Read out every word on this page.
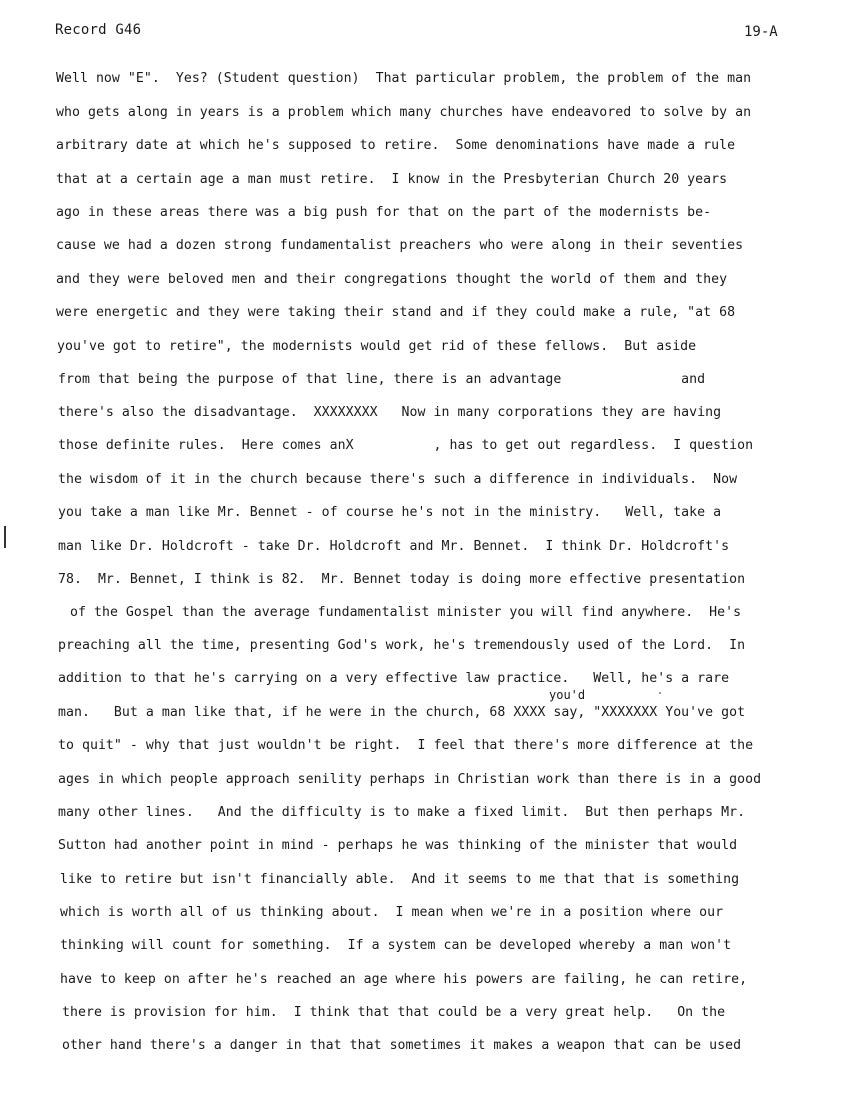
Record G46	19-A
Well now "E".  Yes? (Student question)  That particular problem, the problem of the man
who gets along in years is a problem which many churches have endeavored to solve by an
arbitrary date at which he's supposed to retire.  Some denominations have made a rule
that at a certain age a man must retire.  I know in the Presbyterian Church 20 years
ago in these areas there was a big push for that on the part of the modernists be-
cause we had a dozen strong fundamentalist preachers who were along in their seventies
and they were beloved men and their congregations thought the world of them and they
were energetic and they were taking their stand and if they could make a rule, "at 68
you've got to retire", the modernists would get rid of these fellows.  But aside
from that being the purpose of that line, there is an advantage               and
there's also the disadvantage.  XXXXXXXX   Now in many corporations they are having
those definite rules.  Here comes anX          , has to get out regardless.  I question
the wisdom of it in the church because there's such a difference in individuals.  Now
you take a man like Mr. Bennet - of course he's not in the ministry.   Well, take a
man like Dr. Holdcroft - take Dr. Holdcroft and Mr. Bennet.  I think Dr. Holdcroft's
78.  Mr. Bennet, I think is 82.  Mr. Bennet today is doing more effective presentation
of the Gospel than the average fundamentalist minister you will find anywhere.  He's
preaching all the time, presenting God's work, he's tremendously used of the Lord.  In
addition to that he's carrying on a very effective law practice.   Well, he's a rare
you'd
man.   But a man like that, if he were in the church, 68 XXXX say, "XXXXXXX You've got
to quit" - why that just wouldn't be right.  I feel that there's more difference at the
ages in which people approach senility perhaps in Christian work than there is in a good
many other lines.   And the difficulty is to make a fixed limit.  But then perhaps Mr.
Sutton had another point in mind - perhaps he was thinking of the minister that would
like to retire but isn't financially able.  And it seems to me that that is something
which is worth all of us thinking about.  I mean when we're in a position where our
thinking will count for something.  If a system can be developed whereby a man won't
have to keep on after he's reached an age where his powers are failing, he can retire,
there is provision for him.  I think that that could be a very great help.   On the
other hand there's a danger in that that sometimes it makes a weapon that can be used
